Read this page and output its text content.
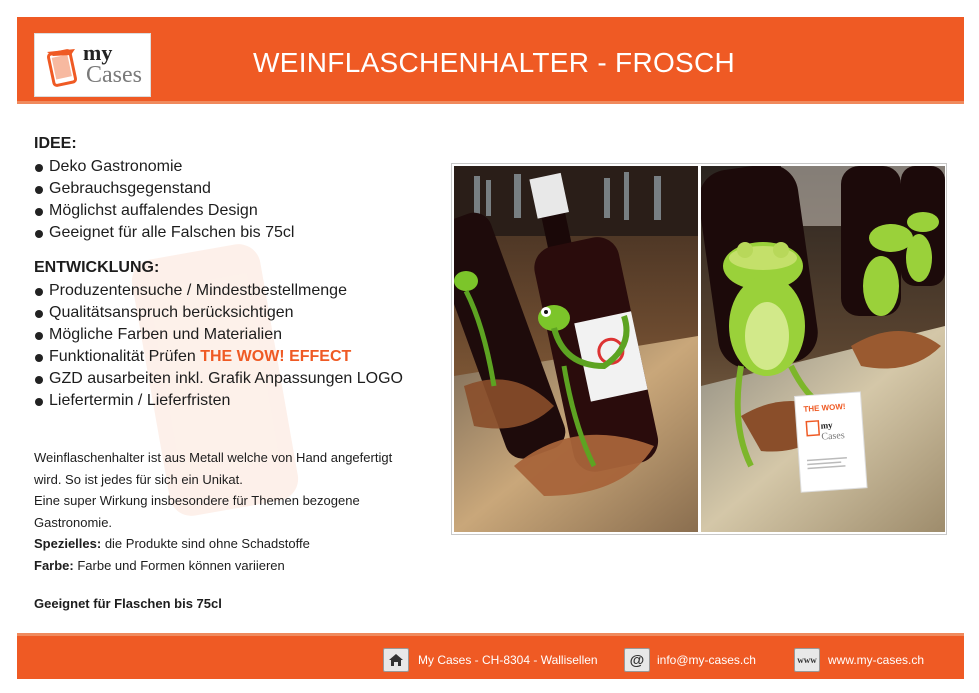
my
Cases	WEINFLASCHENHALTER - FROSCH
IDEE:
Deko Gastronomie
Gebrauchsgegenstand
Möglichst auffalendes Design
Geeignet für alle Falschen bis 75cl
ENTWICKLUNG:
Produzentensuche / Mindestbestellmenge
Qualitätsanspruch berücksichtigen
Mögliche Farben und Materialien
Funktionalität Prüfen THE WOW! EFFECT
GZD ausarbeiten inkl. Grafik Anpassungen LOGO
Liefertermin / Lieferfristen

Weinflaschenhalter ist aus Metall welche von Hand angefertigt

wird. So ist jedes für sich ein Unikat.

Eine super Wirkung insbesondere für Themen bezogene

Gastronomie.

Spezielles: die Produkte sind ohne Schadstoffe

Farbe: Farbe und Formen können variieren

Geeignet für Flaschen bis 75cl
THE WOW!
my
Cases
My Cases - CH-8304 - Wallisellen	@	info@my-cases.ch	www www.my-cases.ch
